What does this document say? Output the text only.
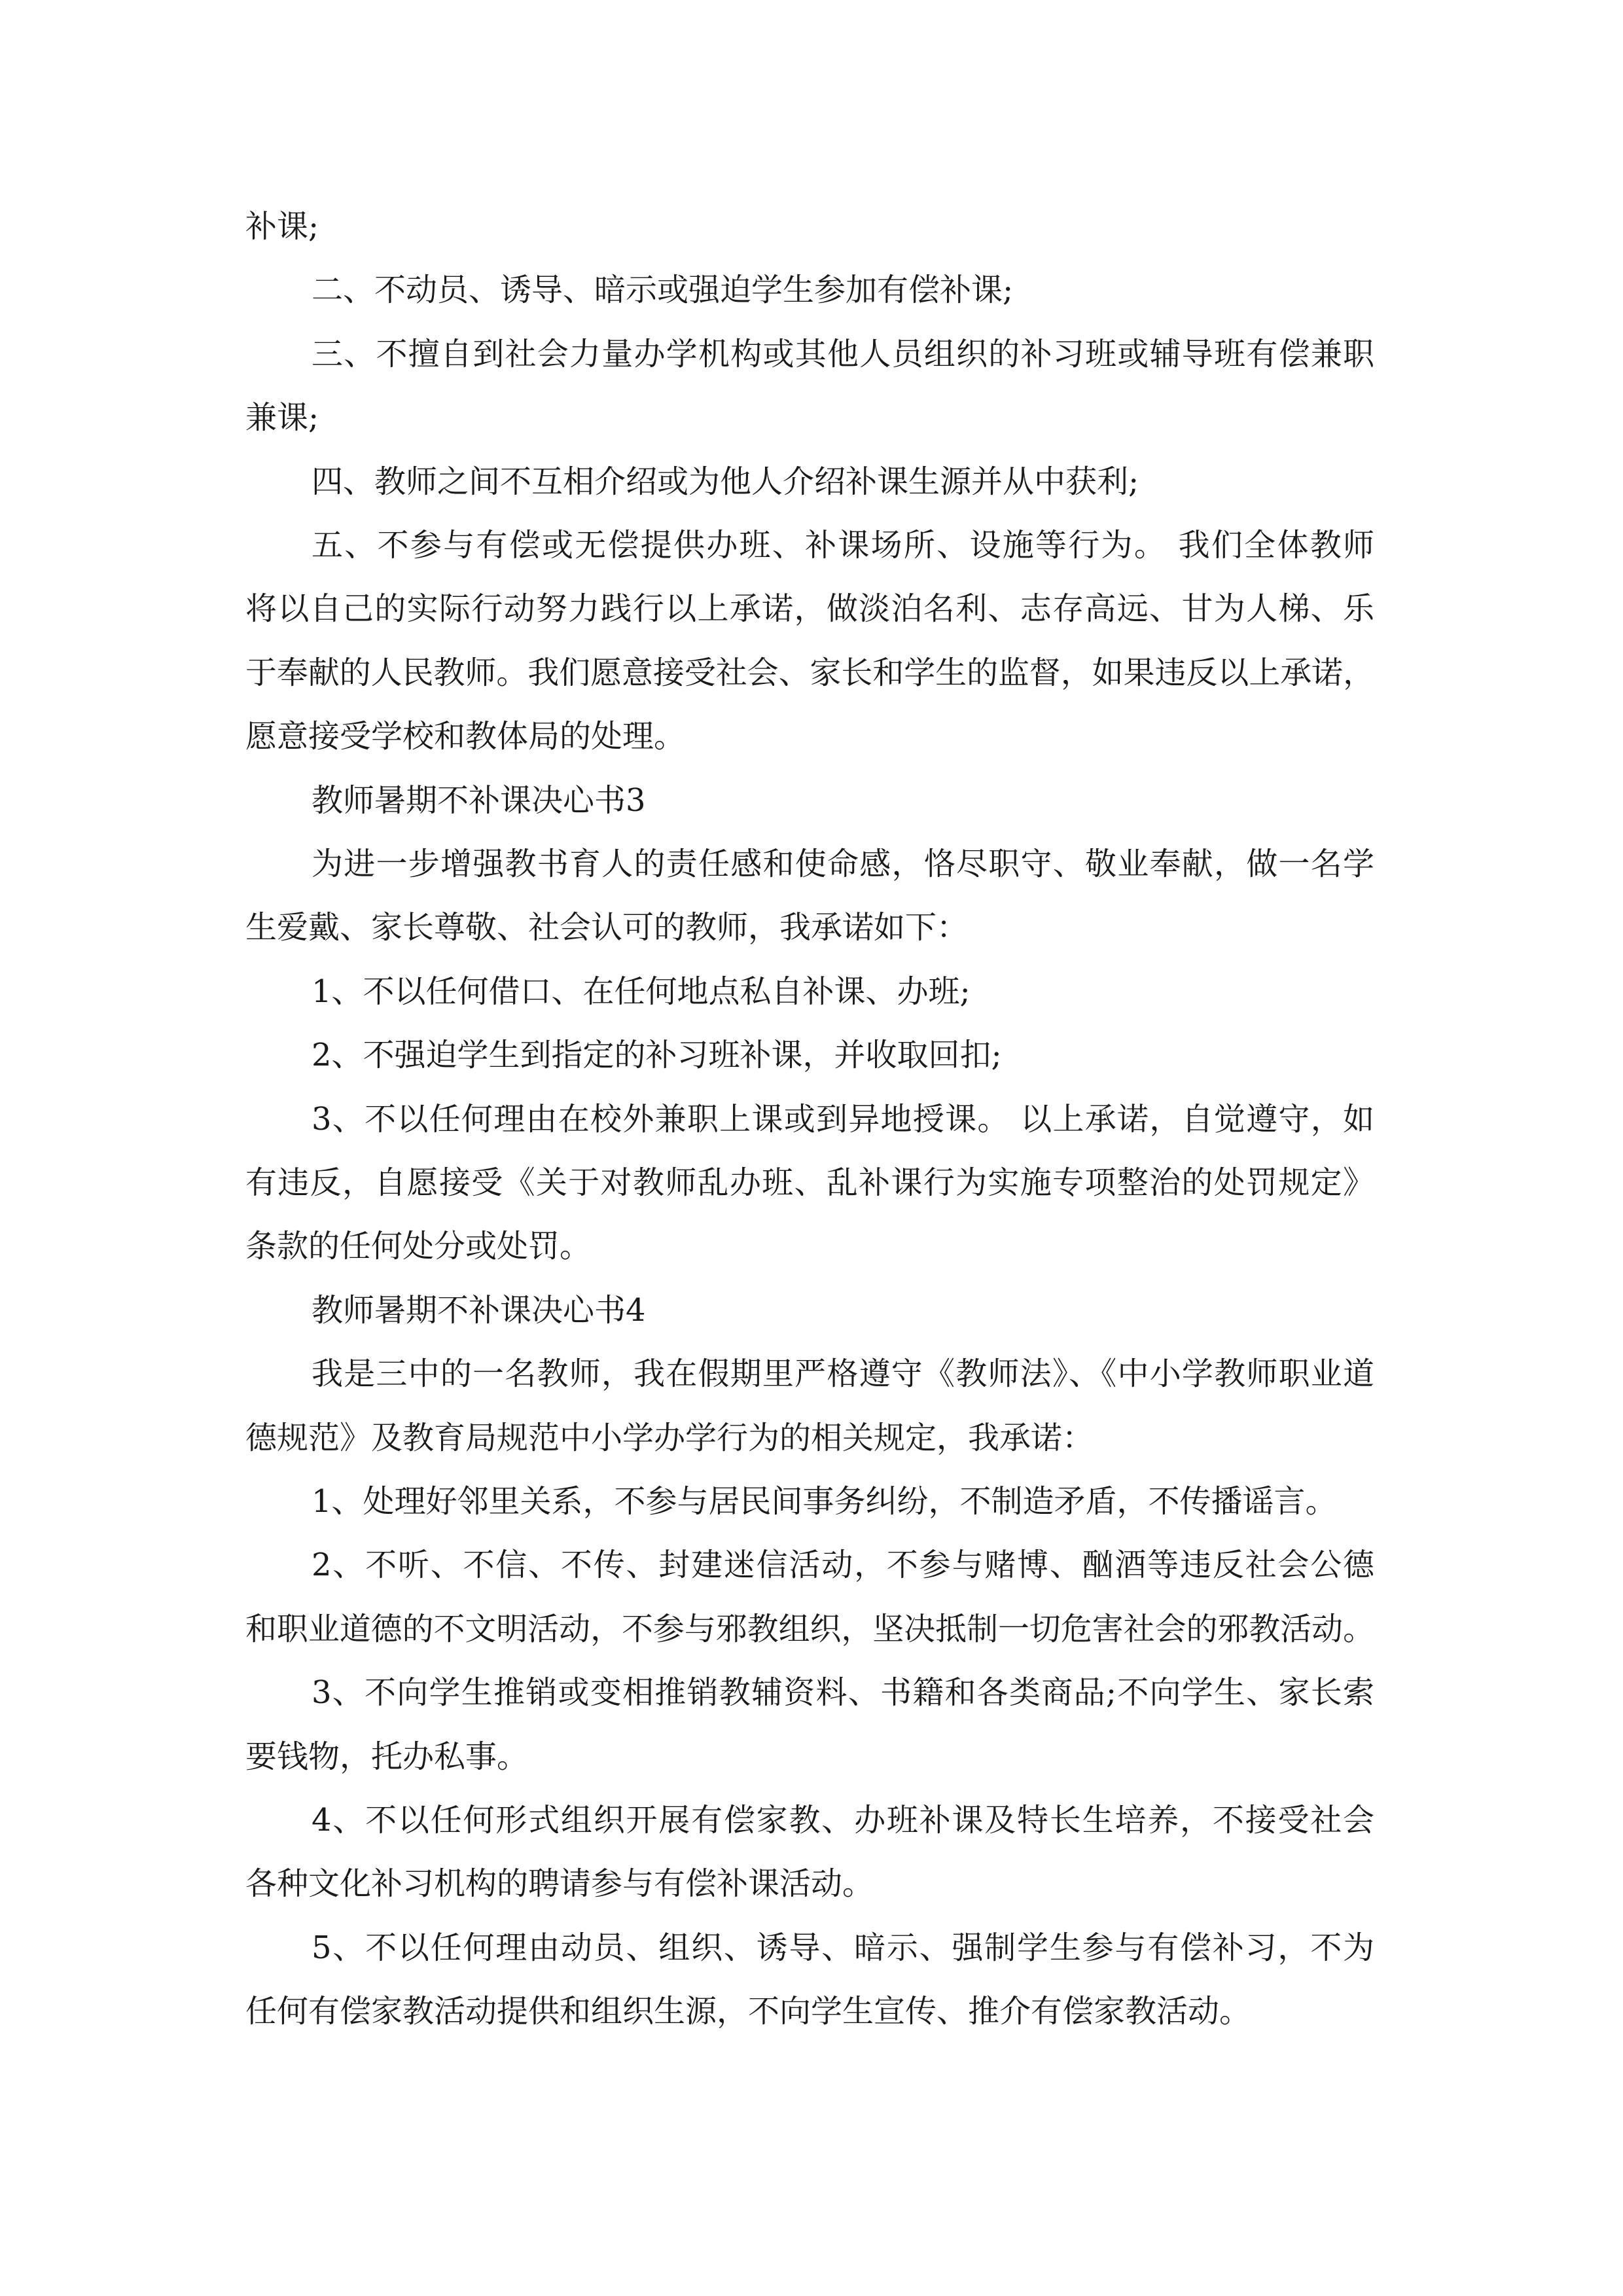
补课;
二、不动员、诱导、暗示或强迫学生参加有偿补课;
三、不擅自到社会力量办学机构或其他人员组织的补习班或辅导班有偿兼职
兼课;
四、教师之间不互相介绍或为他人介绍补课生源并从中获利;
五、不参与有偿或无偿提供办班、补课场所、设施等行为。 我们全体教师
将以自己的实际行动努力践行以上承诺，做淡泊名利、志存高远、甘为人梯、乐
于奉献的人民教师。我们愿意接受社会、家长和学生的监督，如果违反以上承诺，
愿意接受学校和教体局的处理。
教师暑期不补课决心书3
为进一步增强教书育人的责任感和使命感，恪尽职守、敬业奉献，做一名学
生爱戴、家长尊敬、社会认可的教师，我承诺如下：
1、不以任何借口、在任何地点私自补课、办班;
2、不强迫学生到指定的补习班补课，并收取回扣;
3、不以任何理由在校外兼职上课或到异地授课。 以上承诺，自觉遵守，如
有违反，自愿接受《关于对教师乱办班、乱补课行为实施专项整治的处罚规定》
条款的任何处分或处罚。
教师暑期不补课决心书4
我是三中的一名教师，我在假期里严格遵守《教师法》、《中小学教师职业道
德规范》及教育局规范中小学办学行为的相关规定，我承诺：
1、处理好邻里关系，不参与居民间事务纠纷，不制造矛盾，不传播谣言。
2、不听、不信、不传、封建迷信活动，不参与赌博、酗酒等违反社会公德
和职业道德的不文明活动，不参与邪教组织，坚决抵制一切危害社会的邪教活动。
3、不向学生推销或变相推销教辅资料、书籍和各类商品;不向学生、家长索
要钱物，托办私事。
4、不以任何形式组织开展有偿家教、办班补课及特长生培养，不接受社会
各种文化补习机构的聘请参与有偿补课活动。
5、不以任何理由动员、组织、诱导、暗示、强制学生参与有偿补习，不为
任何有偿家教活动提供和组织生源，不向学生宣传、推介有偿家教活动。
